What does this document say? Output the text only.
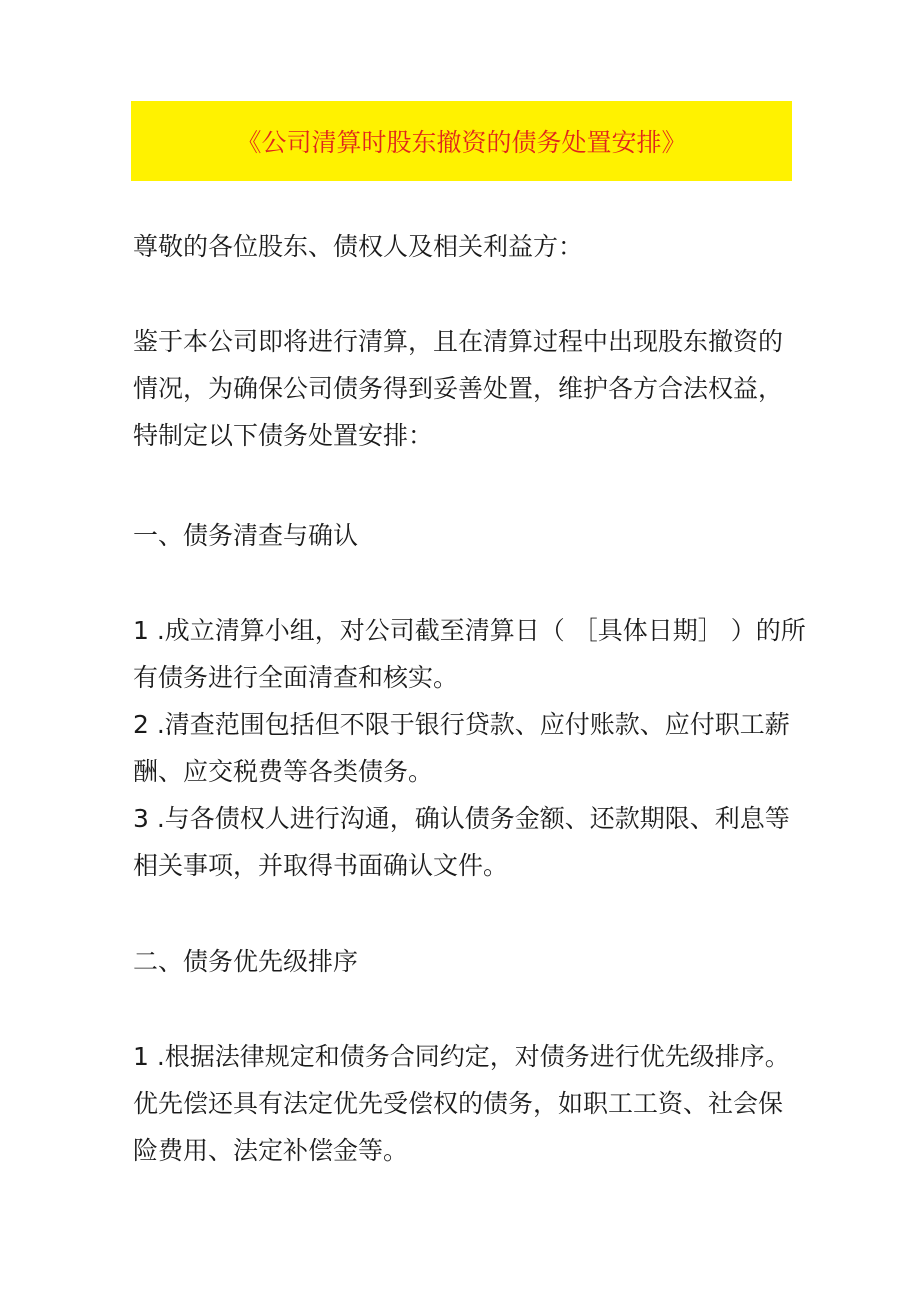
《公司清算时股东撤资的债务处置安排》
尊敬的各位股东、债权人及相关利益方：
鉴于本公司即将进行清算，且在清算过程中出现股东撤资的
情况，为确保公司债务得到妥善处置，维护各方合法权益，
特制定以下债务处置安排：
一、债务清查与确认
1 .成立清算小组，对公司截至清算日（ ［具体日期］ ）的所
有债务进行全面清查和核实。
2 .清查范围包括但不限于银行贷款、应付账款、应付职工薪
酬、应交税费等各类债务。
3 .与各债权人进行沟通，确认债务金额、还款期限、利息等
相关事项，并取得书面确认文件。
二、债务优先级排序
1 .根据法律规定和债务合同约定，对债务进行优先级排序。
优先偿还具有法定优先受偿权的债务，如职工工资、社会保
险费用、法定补偿金等。
